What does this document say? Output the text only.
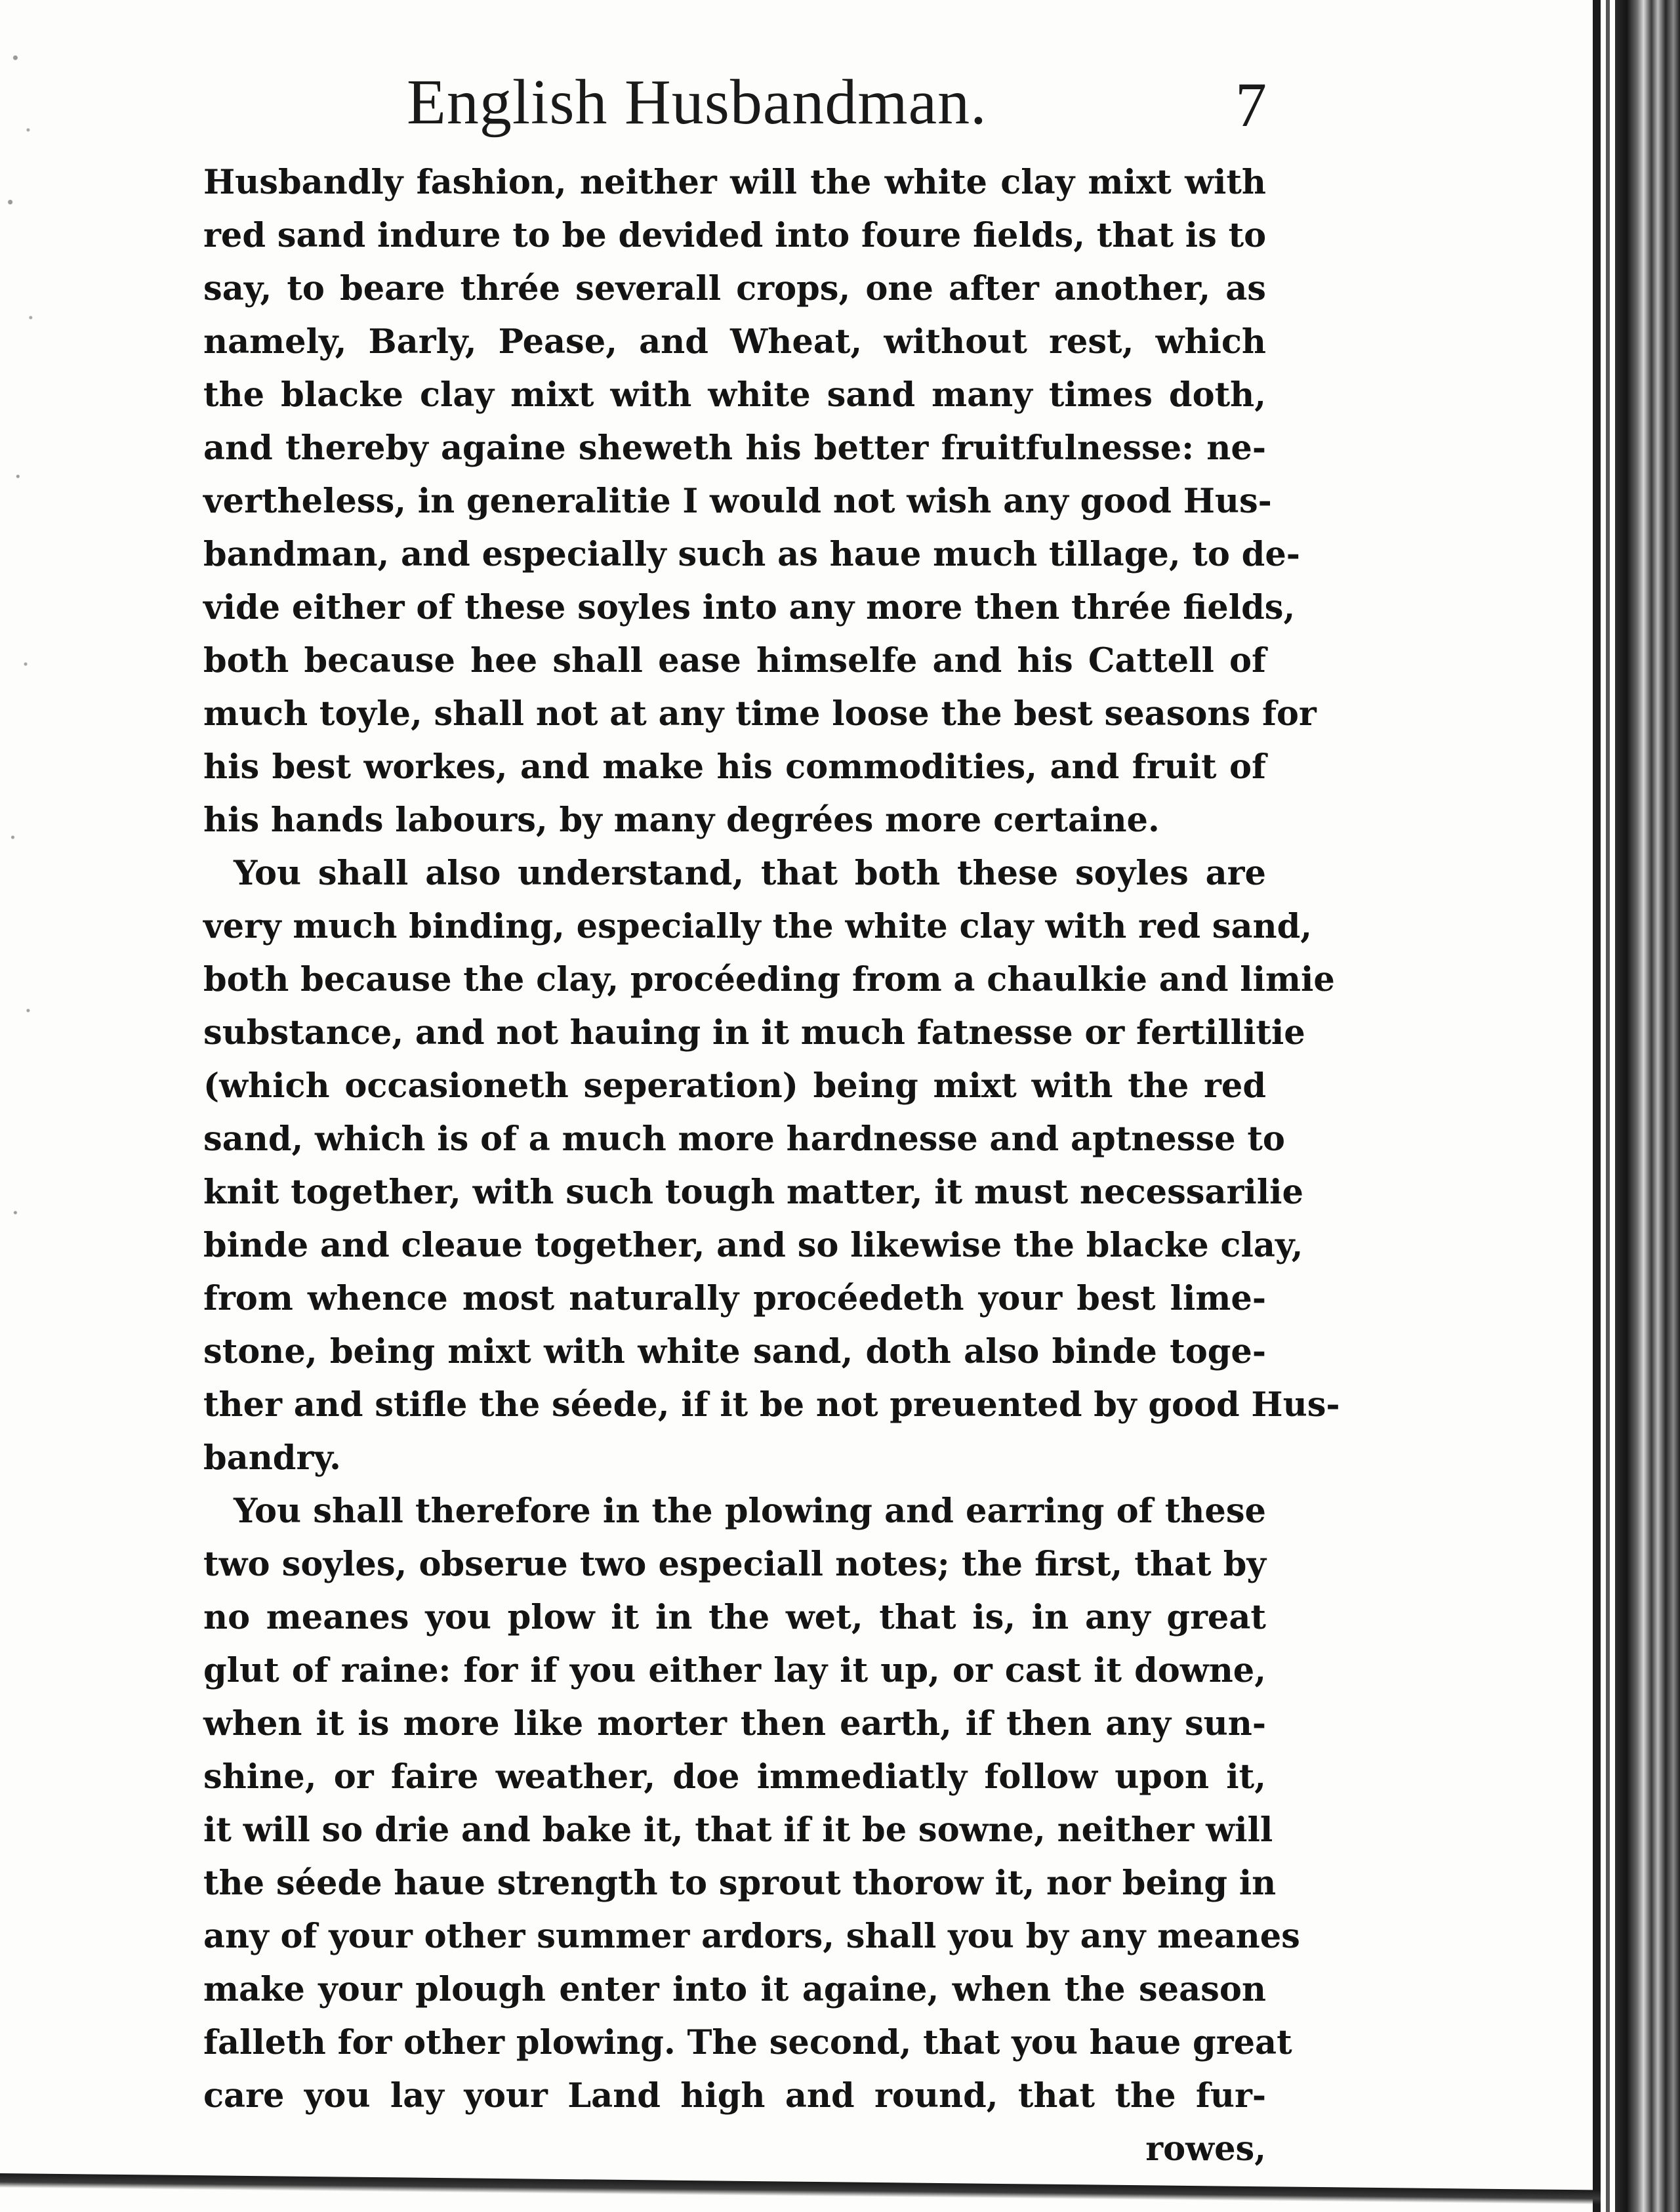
English Husbandman.	7
Husbandly fashion, neither will the white clay mixt with
red sand indure to be devided into foure fields, that is to
say, to beare thrée severall crops, one after another, as
namely, Barly, Pease, and Wheat, without rest, which
the blacke clay mixt with white sand many times doth,
and thereby againe sheweth his better fruitfulnesse: ne-
vertheless, in generalitie I would not wish any good Hus-
bandman, and especially such as haue much tillage, to de-
vide either of these soyles into any more then thrée fields,
both because hee shall ease himselfe and his Cattell of
much toyle, shall not at any time loose the best seasons for
his best workes, and make his commodities, and fruit of
his hands labours, by many degrées more certaine.
You shall also understand, that both these soyles are
very much binding, especially the white clay with red sand,
both because the clay, procéeding from a chaulkie and limie
substance, and not hauing in it much fatnesse or fertillitie
(which occasioneth seperation) being mixt with the red
sand, which is of a much more hardnesse and aptnesse to
knit together, with such tough matter, it must necessarilie
binde and cleaue together, and so likewise the blacke clay,
from whence most naturally procéedeth your best lime-
stone, being mixt with white sand, doth also binde toge-
ther and stifle the séede, if it be not preuented by good Hus-
bandry.
You shall therefore in the plowing and earring of these
two soyles, obserue two especiall notes; the first, that by
no meanes you plow it in the wet, that is, in any great
glut of raine: for if you either lay it up, or cast it downe,
when it is more like morter then earth, if then any sun-
shine, or faire weather, doe immediatly follow upon it,
it will so drie and bake it, that if it be sowne, neither will
the séede haue strength to sprout thorow it, nor being in
any of your other summer ardors, shall you by any meanes
make your plough enter into it againe, when the season
falleth for other plowing. The second, that you haue great
care you lay your Land high and round, that the fur-
rowes,
